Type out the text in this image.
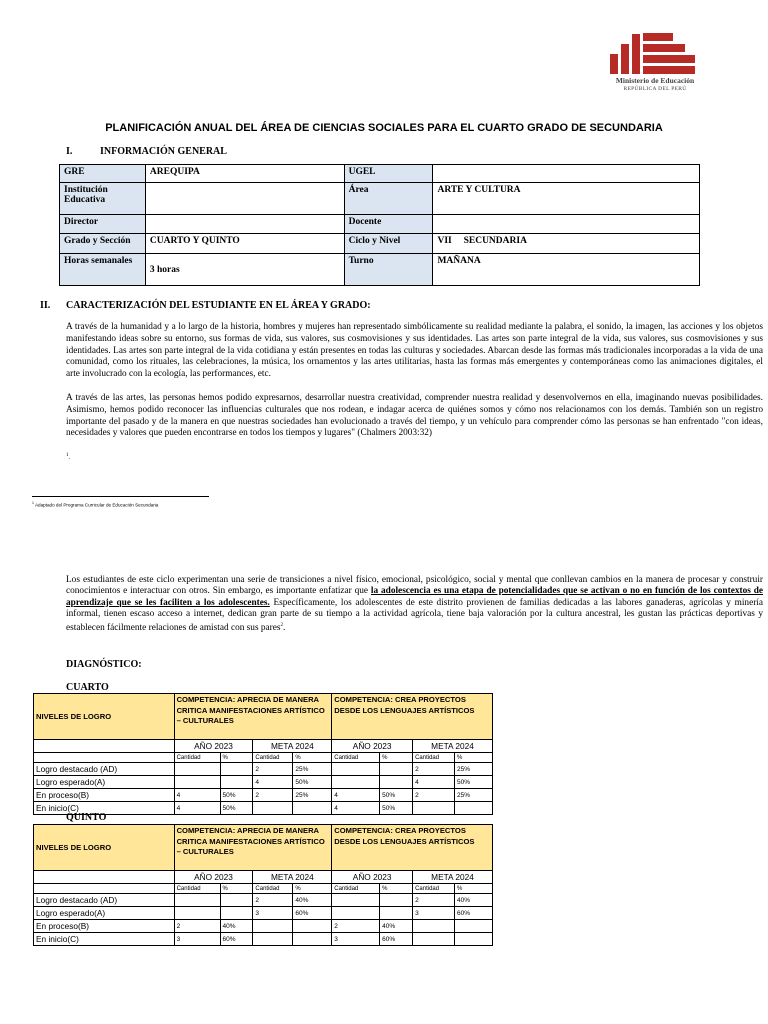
Ministerio de Educación
REPÚBLICA DEL PERÚ
PLANIFICACIÓN ANUAL DEL ÁREA DE CIENCIAS SOCIALES PARA EL CUARTO GRADO DE SECUNDARIA
I.	INFORMACIÓN GENERAL
GRE	AREQUIPA	UGEL	
Institución Educativa		Área	ARTE Y CULTURA
Director		Docente	
Grado y Sección	CUARTO Y QUINTO	Ciclo y Nivel	VII     SECUNDARIA
Horas semanales	3 horas	Turno	MAÑANA
II. CARACTERIZACIÓN DEL ESTUDIANTE EN EL ÁREA Y GRADO:
A través de la humanidad y a lo largo de la historia, hombres y mujeres han representado simbólicamente su realidad mediante la palabra, el sonido, la imagen, las acciones y los objetos manifestando ideas sobre su entorno, sus formas de vida, sus valores, sus cosmovisiones y sus identidades. Las artes son parte integral de la vida, sus valores, sus cosmovisiones y sus identidades. Las artes son parte integral de la vida cotidiana y están presentes en todas las culturas y sociedades. Abarcan desde las formas más tradicionales incorporadas a la vida de una comunidad, como los rituales, las celebraciones, la música, los ornamentos y las artes utilitarias, hasta las formas más emergentes y contemporáneas como las animaciones digitales, el arte involucrado con la ecología, las performances, etc.
A través de las artes, las personas hemos podido expresarnos, desarrollar nuestra creatividad, comprender nuestra realidad y desenvolvernos en ella, imaginando nuevas posibilidades. Asimismo, hemos podido reconocer las influencias culturales que nos rodean, e indagar acerca de quiénes somos y cómo nos relacionamos con los demás. También son un registro importante del pasado y de la manera en que nuestras sociedades han evolucionado a través del tiempo, y un vehículo para comprender cómo las personas se han enfrentado "con ideas, necesidades y valores que pueden encontrarse en todos los tiempos y lugares" (Chalmers 2003:32)
$^1$.
$^1$ Adaptado del Programa Curricular de Educación Secundaria
Los estudiantes de este ciclo experimentan una serie de transiciones a nivel físico, emocional, psicológico, social y mental que conllevan cambios en la manera de procesar y construir conocimientos e interactuar con otros. Sin embargo, es importante enfatizar que la adolescencia es una etapa de potencialidades que se activan o no en función de los contextos de aprendizaje que se les faciliten a los adolescentes. Específicamente, los adolescentes de este distrito provienen de familias dedicadas a las labores ganaderas, agrícolas y minería informal, tienen escaso acceso a internet, dedican gran parte de su tiempo a la actividad agrícola, tiene baja valoración por la cultura ancestral, les gustan las prácticas deportivas y establecen fácilmente relaciones de amistad con sus pares$^2$.
DIAGNÓSTICO:
CUARTO
NIVELES DE LOGRO	COMPETENCIA: APRECIA DE MANERA CRITICA MANIFESTACIONES ARTÍSTICO – CULTURALES				COMPETENCIA: CREA PROYECTOS DESDE LOS LENGUAJES ARTÍSTICOS			
	AÑO 2023		META 2024		AÑO 2023		META 2024	
	Cantidad	%	Cantidad	%	Cantidad	%	Cantidad	%
Logro destacado (AD)			2	25%			2	25%
Logro esperado(A)			4	50%			4	50%
En proceso(B)	4	50%	2	25%	4	50%	2	25%
En inicio(C)	4	50%			4	50%		
QUINTO
NIVELES DE LOGRO	COMPETENCIA: APRECIA DE MANERA CRITICA MANIFESTACIONES ARTÍSTICO – CULTURALES				COMPETENCIA: CREA PROYECTOS DESDE LOS LENGUAJES ARTÍSTICOS			
	AÑO 2023		META 2024		AÑO 2023		META 2024	
	Cantidad	%	Cantidad	%	Cantidad	%	Cantidad	%
Logro destacado (AD)			2	40%			2	40%
Logro esperado(A)			3	60%			3	60%
En proceso(B)	2	40%			2	40%		
En inicio(C)	3	60%			3	60%		
